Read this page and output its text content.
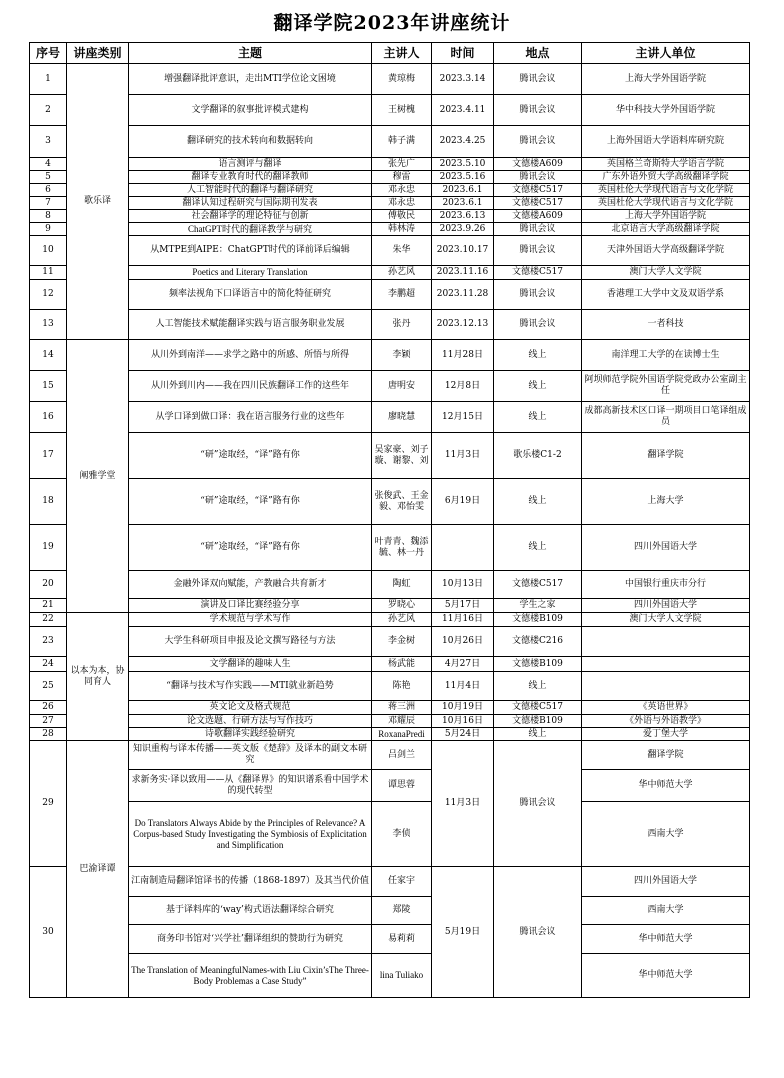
翻译学院2023年讲座统计
序号	讲座类别	主题	主讲人	时间	地点	主讲人单位
1	歌乐译	增强翻译批评意识，走出MTI学位论文困境	黄琼梅	2023.3.14	腾讯会议	上海大学外国语学院
2		文学翻译的叙事批评模式建构	王树槐	2023.4.11	腾讯会议	华中科技大学外国语学院
3		翻译研究的技术转向和数据转向	韩子满	2023.4.25	腾讯会议	上海外国语大学语料库研究院
4		语言测评与翻译	张先广	2023.5.10	文德楼A609	英国格兰奇斯特大学语言学院
5		翻译专业教育时代的翻译教师	穆雷	2023.5.16	腾讯会议	广东外语外贸大学高级翻译学院
6		人工智能时代的翻译与翻译研究	邓永忠	2023.6.1	文德楼C517	英国杜伦大学现代语言与文化学院
7		翻译认知过程研究与国际期刊发表	邓永忠	2023.6.1	文德楼C517	英国杜伦大学现代语言与文化学院
8		社会翻译学的理论特征与创新	傅敬民	2023.6.13	文德楼A609	上海大学外国语学院
9		ChatGPT时代的翻译教学与研究	韩林涛	2023.9.26	腾讯会议	北京语言大学高级翻译学院
10		从MTPE到AIPE：ChatGPT时代的译前译后编辑	朱华	2023.10.17	腾讯会议	天津外国语大学高级翻译学院
11		Poetics and Literary Translation	孙艺风	2023.11.16	文德楼C517	澳门大学人文学院
12		频率法视角下口译语言中的简化特征研究	李鹏超	2023.11.28	腾讯会议	香港理工大学中文及双语学系
13		人工智能技术赋能翻译实践与语言服务职业发展	张丹	2023.12.13	腾讯会议	一者科技
14	阐雅学堂	从川外到南洋——求学之路中的所感、所悟与所得	李颖	11月28日	线上	南洋理工大学的在读博士生
15		从川外到川内——我在四川民族翻译工作的这些年	唐明安	12月8日	线上	阿坝师范学院外国语学院党政办公室副主任
16		从学口译到做口译：我在语言服务行业的这些年	廖晓慧	12月15日	线上	成都高新技术区口译一期项目口笔译组成员
17		“研”途取经，“译”路有你	吴家豪、刘子璇、谢黎、刘	11月3日	歌乐楼C1-2	翻译学院
18		“研”途取经，“译”路有你	张俊武、王金毅、邓怡雯	6月19日	线上	上海大学
19		“研”途取经，“译”路有你	叶青青、魏添毓、林一丹		线上	四川外国语大学
20		金融外译双向赋能，产教融合共育新才	陶虹	10月13日	文德楼C517	中国银行重庆市分行
21		演讲及口译比赛经验分享	罗晓心	5月17日	学生之家	四川外国语大学
22	以本为本，协同育人	学术规范与学术写作	孙艺风	11月16日	文德楼B109	澳门大学人文学院
23		大学生科研项目申报及论文撰写路径与方法	李金树	10月26日	文德楼C216	
24		文学翻译的趣味人生	杨武能	4月27日	文德楼B109	
25		“翻译与技术写作实践——MTI就业新趋势	陈艳	11月4日	线上	
26		英文论文及格式规范	蒋三洲	10月19日	文德楼C517	《英语世界》
27		论文选题、行研方法与写作技巧	邓耀辰	10月16日	文德楼B109	《外语与外语教学》
28		诗歌翻译实践经验研究	RoxanaPredi	5月24日	线上	爱丁堡大学
29	巴渝译谭	知识重构与译本传播——英文版《楚辞》及译本的副文本研究	吕剑兰	11月3日	腾讯会议	翻译学院
		求新务实·译以致用——从《翻译界》的知识谱系看中国学术的现代转型	谭思蓉			华中师范大学
		Do Translators Always Abide by the Principles of Relevance? A Corpus-based Study Investigating the Symbiosis of Explicitation and Simplification	李侦			西南大学
30		江南制造局翻译馆译书的传播（1868-1897）及其当代价值	任家宇	5月19日	腾讯会议	四川外国语大学
		基于译料库的‘way’构式语法翻译综合研究	郑陵			西南大学
		商务印书馆对‘兴学社’翻译组织的赞助行为研究	易莉莉			华中师范大学
		The Translation of MeaningfulNames-with Liu Cixin’sThe Three-Body Problemas a Case Study”	lina Tuliako			华中师范大学
